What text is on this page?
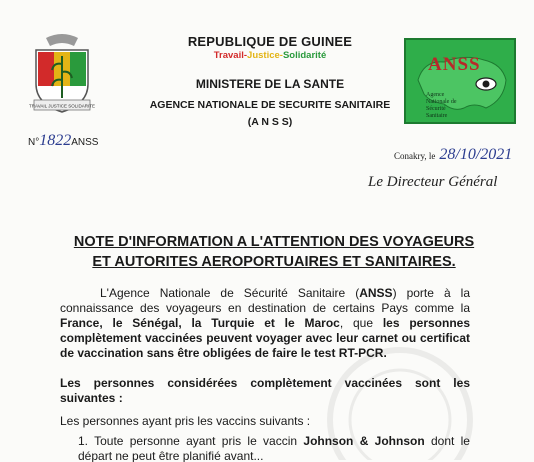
TRAVAIL JUSTICE SOLIDARITE
REPUBLIQUE DE GUINEE
Travail-Justice-Solidarité
MINISTERE DE LA SANTE
AGENCE NATIONALE DE SECURITE SANITAIRE
(A N S S)
ANSS
Agence Nationale de Sécurité Sanitaire
N°1822ANSS
Conakry, le 28/10/2021
Le Directeur Général
NOTE D'INFORMATION A L'ATTENTION DES VOYAGEURS ET AUTORITES AEROPORTUAIRES ET SANITAIRES.
L'Agence Nationale de Sécurité Sanitaire (ANSS) porte à la connaissance des voyageurs en destination de certains Pays comme la France, le Sénégal, la Turquie et le Maroc, que les personnes complètement vaccinées peuvent voyager avec leur carnet ou certificat de vaccination sans être obligées de faire le test RT-PCR.
Les personnes considérées complètement vaccinées sont les suivantes :
Les personnes ayant pris les vaccins suivants :
1. Toute personne ayant pris le vaccin Johnson & Johnson dont le départ ne peut être planifié avant...
